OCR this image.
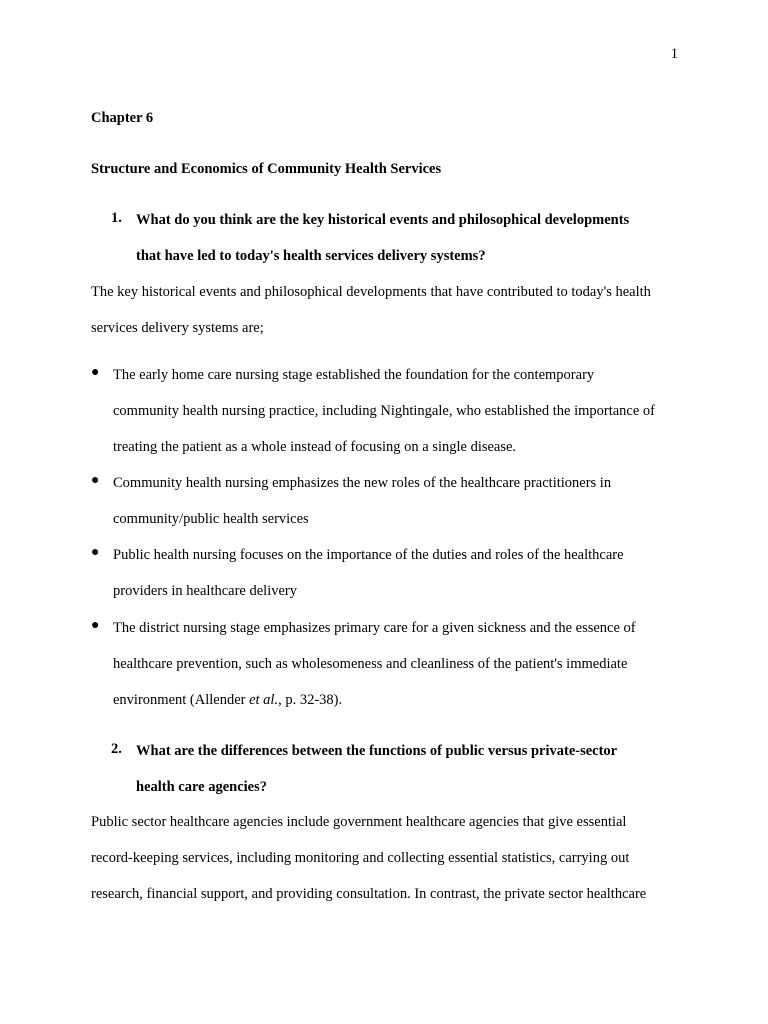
1
Chapter 6
Structure and Economics of Community Health Services
1. What do you think are the key historical events and philosophical developments
that have led to today's health services delivery systems?
The key historical events and philosophical developments that have contributed to today's health
services delivery systems are;
● The early home care nursing stage established the foundation for the contemporary
community health nursing practice, including Nightingale, who established the importance of
treating the patient as a whole instead of focusing on a single disease.
● Community health nursing emphasizes the new roles of the healthcare practitioners in
community/public health services
● Public health nursing focuses on the importance of the duties and roles of the healthcare
providers in healthcare delivery
● The district nursing stage emphasizes primary care for a given sickness and the essence of
healthcare prevention, such as wholesomeness and cleanliness of the patient's immediate
environment (Allender et al., p. 32-38).
2. What are the differences between the functions of public versus private-sector
health care agencies?
Public sector healthcare agencies include government healthcare agencies that give essential
record-keeping services, including monitoring and collecting essential statistics, carrying out
research, financial support, and providing consultation. In contrast, the private sector healthcare
